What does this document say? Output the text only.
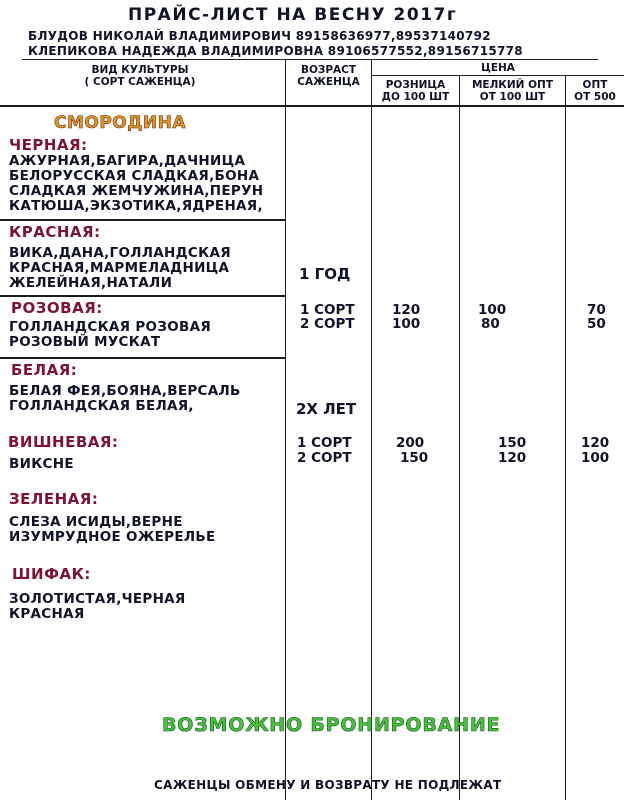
ПРАЙС-ЛИСТ НА ВЕСНУ 2017г
БЛУДОВ НИКОЛАЙ ВЛАДИМИРОВИЧ 89158636977,89537140792
КЛЕПИКОВА НАДЕЖДА ВЛАДИМИРОВНА 89106577552,89156715778
ВИД КУЛЬТУРЫ
( СОРТ САЖЕНЦА)
ВОЗРАСТ
САЖЕНЦА
ЦЕНА
РОЗНИЦА
ДО 100 ШТ
МЕЛКИЙ ОПТ
ОТ 100 ШТ
ОПТ
ОТ 500
СМОРОДИНА
ЧЕРНАЯ:
АЖУРНАЯ,БАГИРА,ДАЧНИЦА
БЕЛОРУССКАЯ СЛАДКАЯ,БОНА
СЛАДКАЯ ЖЕМЧУЖИНА,ПЕРУН
КАТЮША,ЭКЗОТИКА,ЯДРЕНАЯ,
КРАСНАЯ:
ВИКА,ДАНА,ГОЛЛАНДСКАЯ
КРАСНАЯ,МАРМЕЛАДНИЦА
ЖЕЛЕЙНАЯ,НАТАЛИ
РОЗОВАЯ:
ГОЛЛАНДСКАЯ РОЗОВАЯ
РОЗОВЫЙ МУСКАТ
БЕЛАЯ:
БЕЛАЯ ФЕЯ,БОЯНА,ВЕРСАЛЬ
ГОЛЛАНДСКАЯ БЕЛАЯ,
ВИШНЕВАЯ:
ВИКСНЕ
ЗЕЛЕНАЯ:
СЛЕЗА ИСИДЫ,ВЕРНЕ
ИЗУМРУДНОЕ ОЖЕРЕЛЬЕ
ШИФАК:
ЗОЛОТИСТАЯ,ЧЕРНАЯ
КРАСНАЯ
1 ГОД
2Х ЛЕТ
1 СОРТ
2 СОРТ
120
100
100
80
70
50
1 СОРТ
2 СОРТ
200
150
150
120
120
100
ВОЗМОЖНО БРОНИРОВАНИЕ
САЖЕНЦЫ ОБМЕНУ И ВОЗВРАТУ НЕ ПОДЛЕЖАТ
